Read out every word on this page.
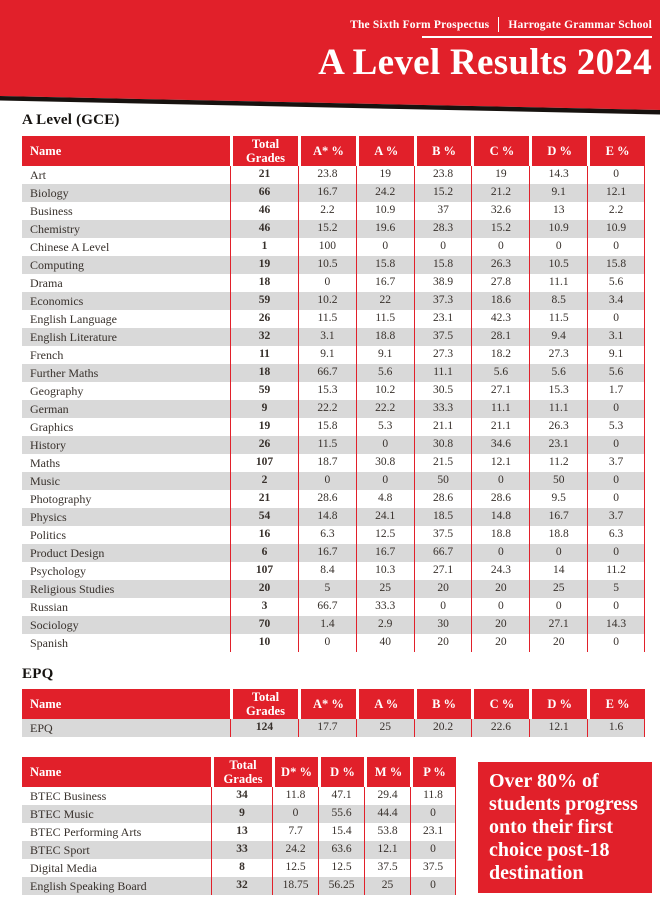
The Sixth Form Prospectus Harrogate Grammar School
A Level Results 2024
A Level (GCE)
Name	Total Grades	A* %	A %	B %	C %	D %	E %
Art	21	23.8	19	23.8	19	14.3	0
Biology	66	16.7	24.2	15.2	21.2	9.1	12.1
Business	46	2.2	10.9	37	32.6	13	2.2
Chemistry	46	15.2	19.6	28.3	15.2	10.9	10.9
Chinese A Level	1	100	0	0	0	0	0
Computing	19	10.5	15.8	15.8	26.3	10.5	15.8
Drama	18	0	16.7	38.9	27.8	11.1	5.6
Economics	59	10.2	22	37.3	18.6	8.5	3.4
English Language	26	11.5	11.5	23.1	42.3	11.5	0
English Literature	32	3.1	18.8	37.5	28.1	9.4	3.1
French	11	9.1	9.1	27.3	18.2	27.3	9.1
Further Maths	18	66.7	5.6	11.1	5.6	5.6	5.6
Geography	59	15.3	10.2	30.5	27.1	15.3	1.7
German	9	22.2	22.2	33.3	11.1	11.1	0
Graphics	19	15.8	5.3	21.1	21.1	26.3	5.3
History	26	11.5	0	30.8	34.6	23.1	0
Maths	107	18.7	30.8	21.5	12.1	11.2	3.7
Music	2	0	0	50	0	50	0
Photography	21	28.6	4.8	28.6	28.6	9.5	0
Physics	54	14.8	24.1	18.5	14.8	16.7	3.7
Politics	16	6.3	12.5	37.5	18.8	18.8	6.3
Product Design	6	16.7	16.7	66.7	0	0	0
Psychology	107	8.4	10.3	27.1	24.3	14	11.2
Religious Studies	20	5	25	20	20	25	5
Russian	3	66.7	33.3	0	0	0	0
Sociology	70	1.4	2.9	30	20	27.1	14.3
Spanish	10	0	40	20	20	20	0
EPQ
Name	Total Grades	A* %	A %	B %	C %	D %	E %
EPQ	124	17.7	25	20.2	22.6	12.1	1.6
Name	Total Grades	D* %	D %	M %	P %
BTEC Business	34	11.8	47.1	29.4	11.8
BTEC Music	9	0	55.6	44.4	0
BTEC Performing Arts	13	7.7	15.4	53.8	23.1
BTEC Sport	33	24.2	63.6	12.1	0
Digital Media	8	12.5	12.5	37.5	37.5
English Speaking Board	32	18.75	56.25	25	0
Over 80% of
students progress
onto their first
choice post-18
destination
